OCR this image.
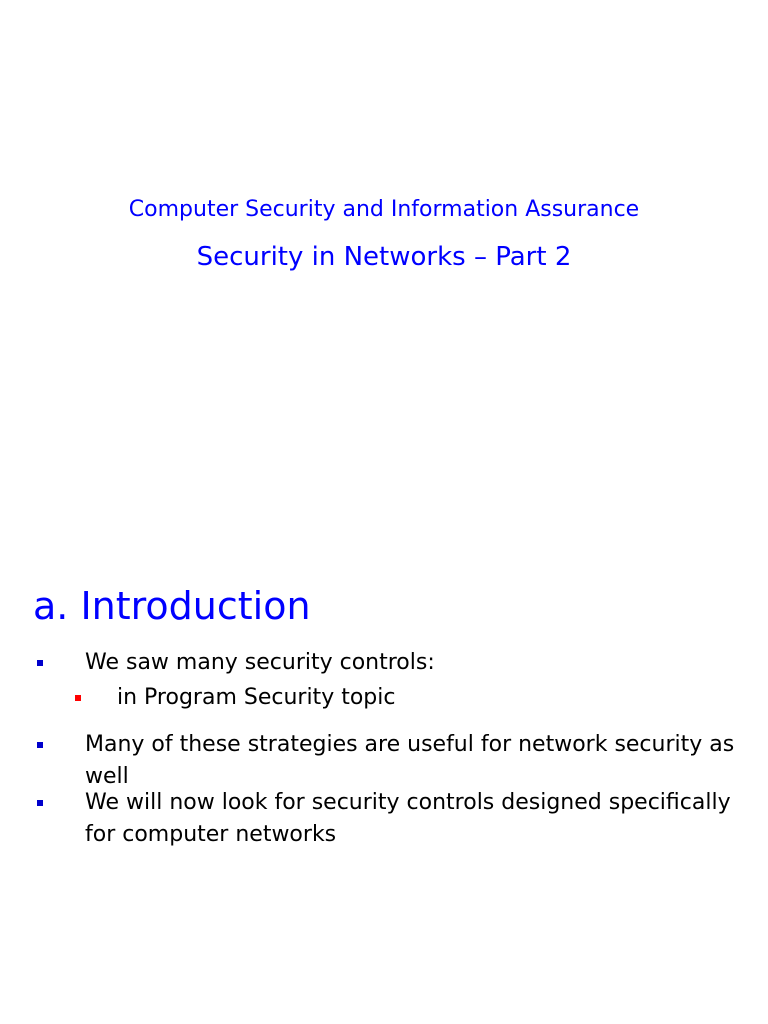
Computer Security and Information Assurance
Security in Networks – Part 2
a. Introduction
We saw many security controls:
in Program Security topic
Many of these strategies are useful for network security as well
We will now look for security controls designed specifically for computer networks
